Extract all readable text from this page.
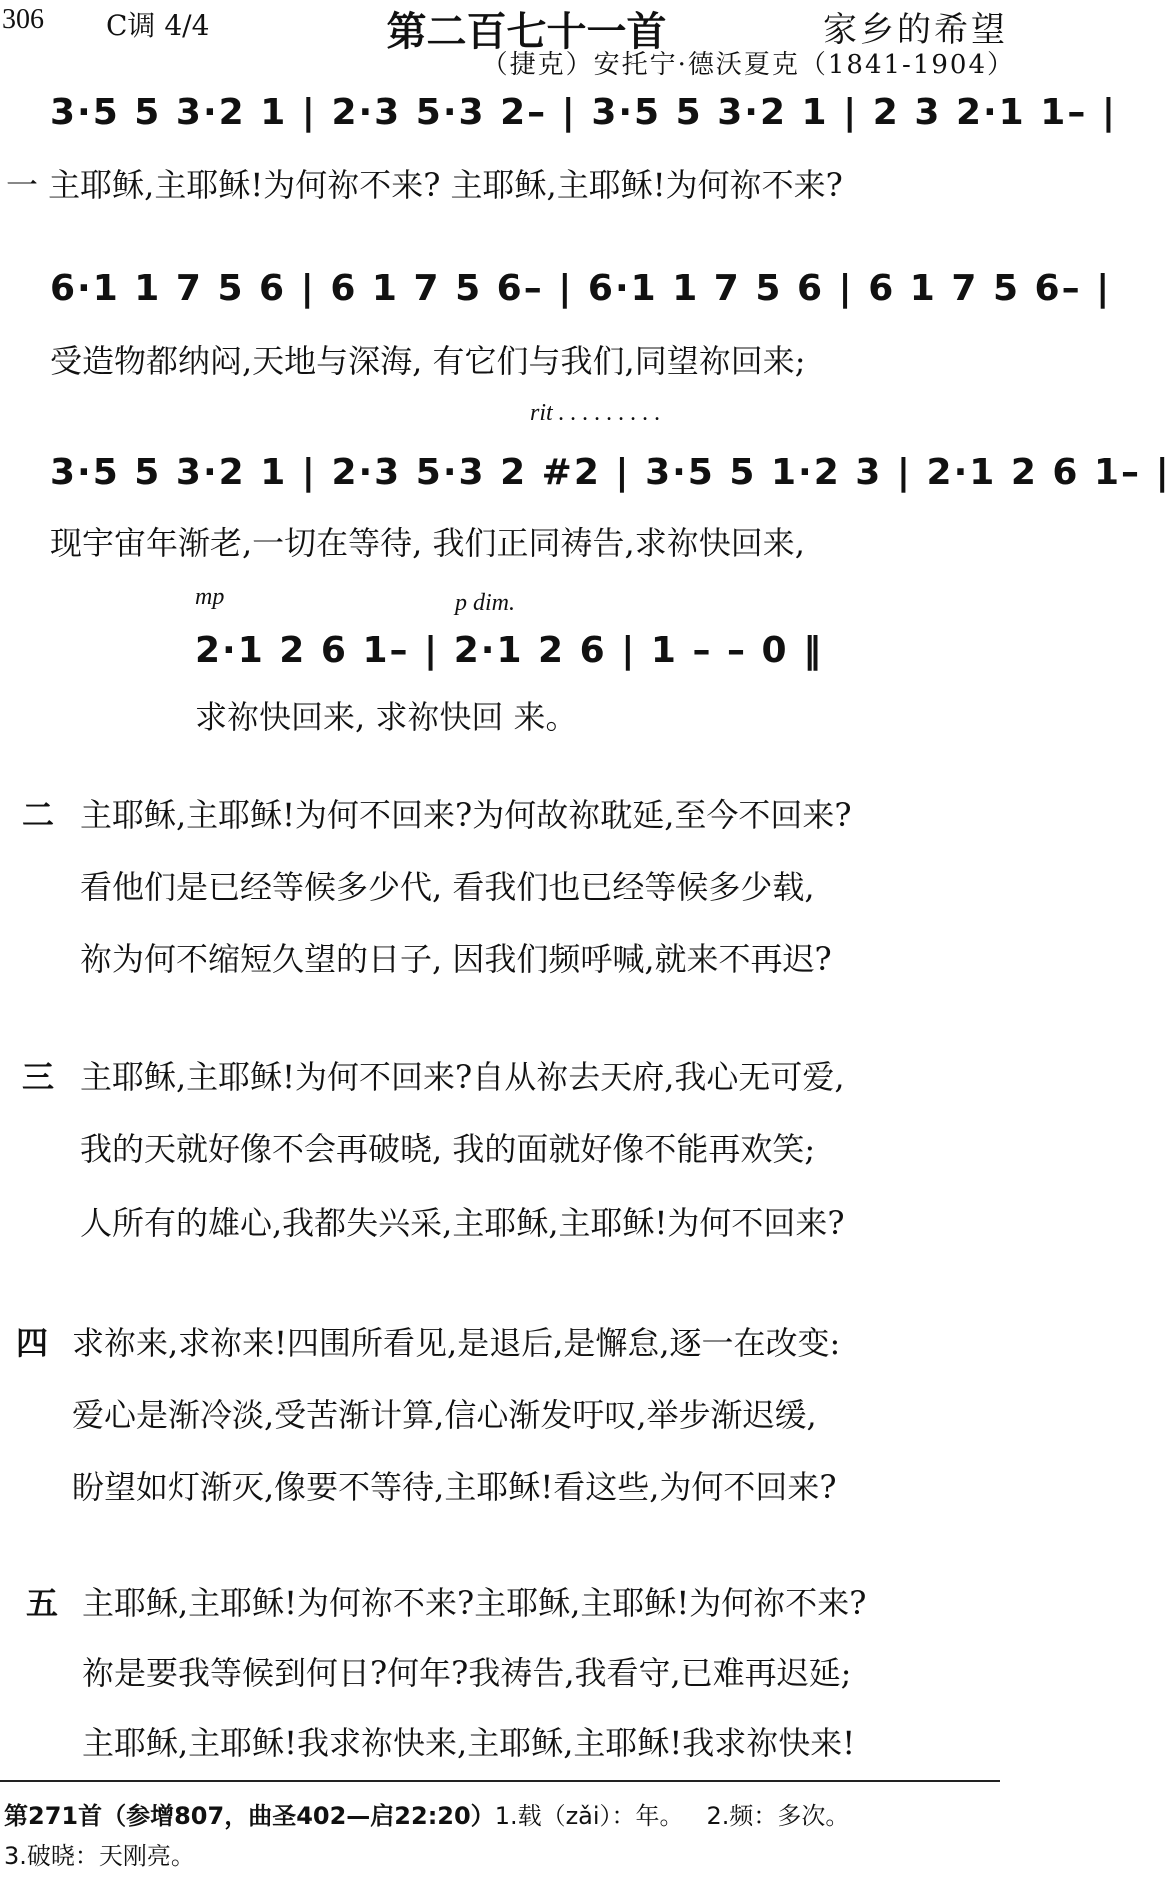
306 C调 4/4	第二百七十一首	家乡的希望
（捷克）安托宁·德沃夏克（1841-1904）
3·5 5 3·2 1 | 2·3 5·3 2– | 3·5 5 3·2 1 | 2 3 2·1 1– |
一 主耶稣,主耶稣!为何祢不来? 主耶稣,主耶稣!为何祢不来?
6·1 1 7 5 6 | 6 1 7 5 6– | 6·1 1 7 5 6 | 6 1 7 5 6– |
受造物都纳闷,天地与深海, 有它们与我们,同望祢回来;
rit . . . . . . . . .
3·5 5 3·2 1 | 2·3 5·3 2 #2 | 3·5 5 1·2 3 | 2·1 2 6 1– |
现宇宙年渐老,一切在等待, 我们正同祷告,求祢快回来,
mp	p dim.
2·1 2 6 1– | 2·1 2 6 | 1 – – 0 ‖
求祢快回来, 求祢快回 来。
二 主耶稣,主耶稣!为何不回来?为何故祢耽延,至今不回来?
看他们是已经等候多少代, 看我们也已经等候多少载,
祢为何不缩短久望的日子, 因我们频呼喊,就来不再迟?
三 主耶稣,主耶稣!为何不回来?自从祢去天府,我心无可爱,
我的天就好像不会再破晓, 我的面就好像不能再欢笑;
人所有的雄心,我都失兴采,主耶稣,主耶稣!为何不回来?
四 求祢来,求祢来!四围所看见,是退后,是懈怠,逐一在改变:
爱心是渐冷淡,受苦渐计算,信心渐发吁叹,举步渐迟缓,
盼望如灯渐灭,像要不等待,主耶稣!看这些,为何不回来?
五 主耶稣,主耶稣!为何祢不来?主耶稣,主耶稣!为何祢不来?
祢是要我等候到何日?何年?我祷告,我看守,已难再迟延;
主耶稣,主耶稣!我求祢快来,主耶稣,主耶稣!我求祢快来!
第271首（参增807，曲圣402—启22:20）1.载（zǎi）：年。 2.频：多次。
3.破晓：天刚亮。
